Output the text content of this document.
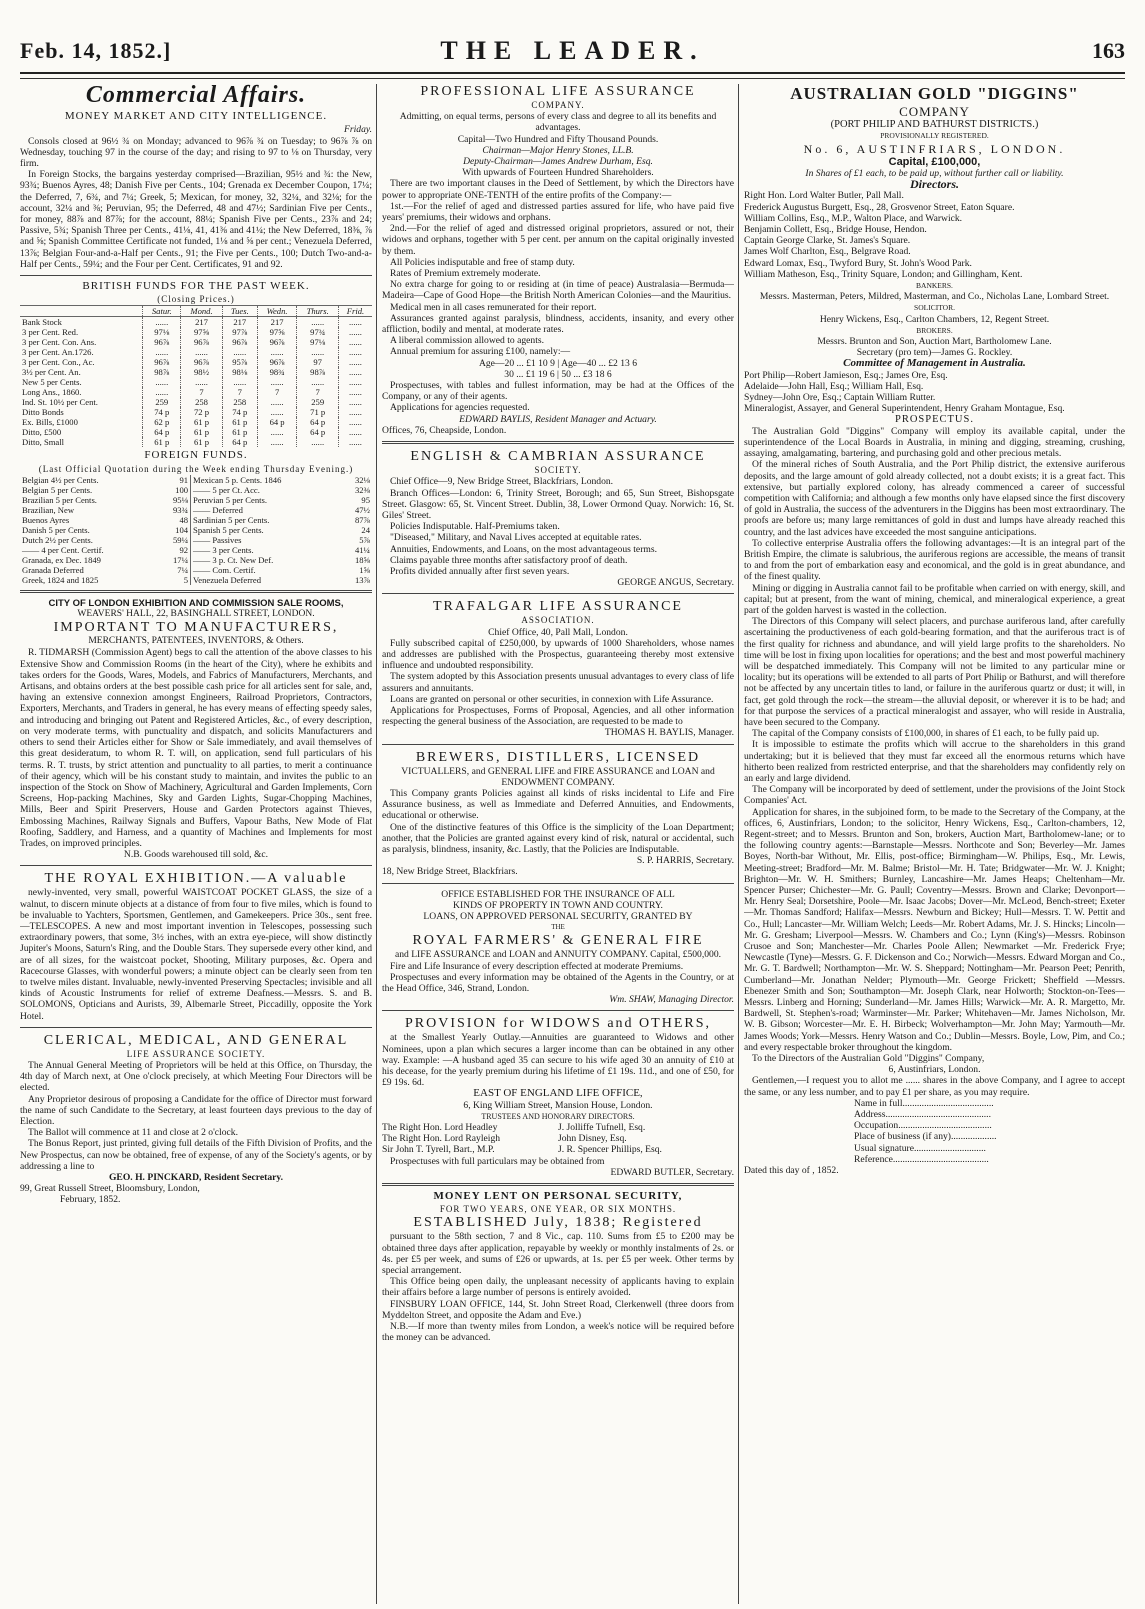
Feb. 14, 1852.]	THE LEADER.	163
Commercial Affairs.
MONEY MARKET AND CITY INTELLIGENCE.
Friday.

Consols closed at 96½ ¾ on Monday; advanced to 96⅞ ¾ on Tuesday; to 96⅞ ⅞ on Wednesday, touching 97 in the course of the day; and rising to 97 to ⅛ on Thursday, very firm.

In Foreign Stocks, the bargains yesterday comprised—Brazilian, 95½ and ¾: the New, 93¾; Buenos Ayres, 48; Danish Five per Cents., 104; Grenada ex December Coupon, 17¼; the Deferred, 7, 6¾, and 7¼; Greek, 5; Mexican, for money, 32, 32¼, and 32⅛; for the account, 32¼ and ⅜; Peruvian, 95; the Deferred, 48 and 47½; Sardinian Five per Cents., for money, 88⅞ and 87⅞; for the account, 88¼; Spanish Five per Cents., 23⅞ and 24; Passive, 5¾; Spanish Three per Cents., 41⅛, 41, 41⅜ and 41¼; the New Deferred, 18⅜, ⅞ and ⅝; Spanish Committee Certificate not funded, 1⅛ and ⅝ per cent.; Venezuela Deferred, 13⅞; Belgian Four-and-a-Half per Cents., 91; the Five per Cents., 100; Dutch Two-and-a-Half per Cents., 59¼; and the Four per Cent. Certificates, 91 and 92.

BRITISH FUNDS FOR THE PAST WEEK.
(Closing Prices.)
	Satur.	Mond.	Tues.	Wedn.	Thurs.	Frid.
Bank Stock	......	217	217	217	......	......
3 per Cent. Red.	97⅛	97⅝	97⅞	97⅝	97¾	......
3 per Cent. Con. Ans.	96⅞	96⅞	96⅞	96⅞	97⅛	......
3 per Cent. An.1726.	......	......	......	......	......	......
3 per Cent. Con., Ac.	96⅞	96⅞	95⅞	96⅞	97	......
3½ per Cent. An.	98⅞	98½	98⅛	98¾	98⅞	......
New 5 per Cents.	......	......	......	......	......	......
Long Ans., 1860.	......	7	7	7	7	......
Ind. St. 10½ per Cent.	259	258	258	......	259	......
Ditto Bonds	74 p	72 p	74 p	......	71 p	......
Ex. Bills, £1000	62 p	61 p	61 p	64 p	64 p	......
Ditto, £500	64 p	61 p	61 p	......	64 p	......
Ditto, Small	61 p	61 p	64 p	......	......	......
FOREIGN FUNDS.
(Last Official Quotation during the Week ending Thursday Evening.)
Belgian 4½ per Cents.	91	Mexican 5 p. Cents. 1846	32⅛
Belgian 5 per Cents.	100	—— 5 per Ct. Acc.	32⅜
Brazilian 5 per Cents.	95⅛	Peruvian 5 per Cents.	95
Brazilian, New	93¾	—— Deferred	47½
Buenos Ayres	48	Sardinian 5 per Cents.	87⅞
Danish 5 per Cents.	104	Spanish 5 per Cents.	24
Dutch 2½ per Cents.	59¼	—— Passives	5⅞
—— 4 per Cent. Certif.	92	—— 3 per Cents.	41¼
Granada, ex Dec. 1849	17¼	—— 3 p. Ct. New Def.	18⅝
Granada Deferred	7¼	—— Com. Certif.	1⅝
Greek, 1824 and 1825	5	Venezuela Deferred	13⅞
CITY OF LONDON EXHIBITION AND COMMISSION SALE ROOMS,
WEAVERS' HALL, 22, BASINGHALL STREET, LONDON.
IMPORTANT TO MANUFACTURERS,
MERCHANTS, PATENTEES, INVENTORS, & Others.

R. TIDMARSH (Commission Agent) begs to call the attention of the above classes to his Extensive Show and Commission Rooms (in the heart of the City), where he exhibits and takes orders for the Goods, Wares, Models, and Fabrics of Manufacturers, Merchants, and Artisans, and obtains orders at the best possible cash price for all articles sent for sale, and, having an extensive connexion amongst Engineers, Railroad Proprietors, Contractors, Exporters, Merchants, and Traders in general, he has every means of effecting speedy sales, and introducing and bringing out Patent and Registered Articles, &c., of every description, on very moderate terms, with punctuality and dispatch, and solicits Manufacturers and others to send their Articles either for Show or Sale immediately, and avail themselves of this great desideratum, to whom R. T. will, on application, send full particulars of his terms. R. T. trusts, by strict attention and punctuality to all parties, to merit a continuance of their agency, which will be his constant study to maintain, and invites the public to an inspection of the Stock on Show of Machinery, Agricultural and Garden Implements, Corn Screens, Hop-packing Machines, Sky and Garden Lights, Sugar-Chopping Machines, Mills, Beer and Spirit Preservers, House and Garden Protectors against Thieves, Embossing Machines, Railway Signals and Buffers, Vapour Baths, New Mode of Flat Roofing, Saddlery, and Harness, and a quantity of Machines and Implements for most Trades, on improved principles.

N.B. Goods warehoused till sold, &c.
THE ROYAL EXHIBITION.—A valuable

newly-invented, very small, powerful WAISTCOAT POCKET GLASS, the size of a walnut, to discern minute objects at a distance of from four to five miles, which is found to be invaluable to Yachters, Sportsmen, Gentlemen, and Gamekeepers. Price 30s., sent free.—TELESCOPES. A new and most important invention in Telescopes, possessing such extraordinary powers, that some, 3½ inches, with an extra eye-piece, will show distinctly Jupiter's Moons, Saturn's Ring, and the Double Stars. They supersede every other kind, and are of all sizes, for the waistcoat pocket, Shooting, Military purposes, &c. Opera and Racecourse Glasses, with wonderful powers; a minute object can be clearly seen from ten to twelve miles distant. Invaluable, newly-invented Preserving Spectacles; invisible and all kinds of Acoustic Instruments for relief of extreme Deafness.—Messrs. S. and B. SOLOMONS, Opticians and Aurists, 39, Albemarle Street, Piccadilly, opposite the York Hotel.

CLERICAL, MEDICAL, AND GENERAL
LIFE ASSURANCE SOCIETY.

The Annual General Meeting of Proprietors will be held at this Office, on Thursday, the 4th day of March next, at One o'clock precisely, at which Meeting Four Directors will be elected.

Any Proprietor desirous of proposing a Candidate for the office of Director must forward the name of such Candidate to the Secretary, at least fourteen days previous to the day of Election.

The Ballot will commence at 11 and close at 2 o'clock.

The Bonus Report, just printed, giving full details of the Fifth Division of Profits, and the New Prospectus, can now be obtained, free of expense, of any of the Society's agents, or by addressing a line to

GEO. H. PINCKARD, Resident Secretary.
99, Great Russell Street, Bloomsbury, London,
February, 1852.
PROFESSIONAL LIFE ASSURANCE
COMPANY.

Admitting, on equal terms, persons of every class and degree to all its benefits and advantages.

Capital—Two Hundred and Fifty Thousand Pounds.

Chairman—Major Henry Stones, LL.B.

Deputy-Chairman—James Andrew Durham, Esq.

With upwards of Fourteen Hundred Shareholders.

There are two important clauses in the Deed of Settlement, by which the Directors have power to appropriate ONE-TENTH of the entire profits of the Company:—

1st.—For the relief of aged and distressed parties assured for life, who have paid five years' premiums, their widows and orphans.

2nd.—For the relief of aged and distressed original proprietors, assured or not, their widows and orphans, together with 5 per cent. per annum on the capital originally invested by them.

All Policies indisputable and free of stamp duty.

Rates of Premium extremely moderate.

No extra charge for going to or residing at (in time of peace) Australasia—Bermuda—Madeira—Cape of Good Hope—the British North American Colonies—and the Mauritius.

Medical men in all cases remunerated for their report.

Assurances granted against paralysis, blindness, accidents, insanity, and every other affliction, bodily and mental, at moderate rates.

A liberal commission allowed to agents.

Annual premium for assuring £100, namely:—

Age—20 ... £1 10 9 | Age—40 ... £2 13 6

30 ... £1 19 6 | 50 ... £3 18 6

Prospectuses, with tables and fullest information, may be had at the Offices of the Company, or any of their agents.

Applications for agencies requested.

EDWARD BAYLIS, Resident Manager and Actuary.

Offices, 76, Cheapside, London.

ENGLISH & CAMBRIAN ASSURANCE
SOCIETY.

Chief Office—9, New Bridge Street, Blackfriars, London.

Branch Offices—London: 6, Trinity Street, Borough; and 65, Sun Street, Bishopsgate Street. Glasgow: 65, St. Vincent Street. Dublin, 38, Lower Ormond Quay. Norwich: 16, St. Giles' Street.

Policies Indisputable. Half-Premiums taken.

"Diseased," Military, and Naval Lives accepted at equitable rates.

Annuities, Endowments, and Loans, on the most advantageous terms.

Claims payable three months after satisfactory proof of death.

Profits divided annually after first seven years.

GEORGE ANGUS, Secretary.

TRAFALGAR LIFE ASSURANCE
ASSOCIATION.

Chief Office, 40, Pall Mall, London.

Fully subscribed capital of £250,000, by upwards of 1000 Shareholders, whose names and addresses are published with the Prospectus, guaranteeing thereby most extensive influence and undoubted responsibility.

The system adopted by this Association presents unusual advantages to every class of life assurers and annuitants.

Loans are granted on personal or other securities, in connexion with Life Assurance.

Applications for Prospectuses, Forms of Proposal, Agencies, and all other information respecting the general business of the Association, are requested to be made to

THOMAS H. BAYLIS, Manager.

BREWERS, DISTILLERS, LICENSED
VICTUALLERS, and GENERAL LIFE and FIRE ASSURANCE and LOAN and ENDOWMENT COMPANY.

This Company grants Policies against all kinds of risks incidental to Life and Fire Assurance business, as well as Immediate and Deferred Annuities, and Endowments, educational or otherwise.

One of the distinctive features of this Office is the simplicity of the Loan Department; another, that the Policies are granted against every kind of risk, natural or accidental, such as paralysis, blindness, insanity, &c. Lastly, that the Policies are Indisputable.

S. P. HARRIS, Secretary.

18, New Bridge Street, Blackfriars.

OFFICE ESTABLISHED FOR THE INSURANCE OF ALL
KINDS OF PROPERTY IN TOWN AND COUNTRY.
LOANS, ON APPROVED PERSONAL SECURITY, GRANTED BY
THE
ROYAL FARMERS' & GENERAL FIRE
and LIFE ASSURANCE and LOAN and ANNUITY COMPANY. Capital, £500,000.

Fire and Life Insurance of every description effected at moderate Premiums.

Prospectuses and every information may be obtained of the Agents in the Country, or at the Head Office, 346, Strand, London.

Wm. SHAW, Managing Director.

PROVISION for WIDOWS and OTHERS,

at the Smallest Yearly Outlay.—Annuities are guaranteed to Widows and other Nominees, upon a plan which secures a larger income than can be obtained in any other way. Example: —A husband aged 35 can secure to his wife aged 30 an annuity of £10 at his decease, for the yearly premium during his lifetime of £1 19s. 11d., and one of £50, for £9 19s. 6d.

EAST OF ENGLAND LIFE OFFICE,
6, King William Street, Mansion House, London.
TRUSTEES AND HONORARY DIRECTORS.
The Right Hon. Lord Headley	J. Jolliffe Tufnell, Esq.
The Right Hon. Lord Rayleigh	John Disney, Esq.
Sir John T. Tyrell, Bart., M.P.	J. R. Spencer Phillips, Esq.

Prospectuses with full particulars may be obtained from

EDWARD BUTLER, Secretary.

MONEY LENT ON PERSONAL SECURITY,
FOR TWO YEARS, ONE YEAR, OR SIX MONTHS.
ESTABLISHED July, 1838; Registered

pursuant to the 58th section, 7 and 8 Vic., cap. 110. Sums from £5 to £200 may be obtained three days after application, repayable by weekly or monthly instalments of 2s. or 4s. per £5 per week, and sums of £26 or upwards, at 1s. per £5 per week. Other terms by special arrangement.

This Office being open daily, the unpleasant necessity of applicants having to explain their affairs before a large number of persons is entirely avoided.

FINSBURY LOAN OFFICE, 144, St. John Street Road, Clerkenwell (three doors from Myddelton Street, and opposite the Adam and Eve.)

N.B.—If more than twenty miles from London, a week's notice will be required before the money can be advanced.

AUSTRALIAN GOLD "DIGGINS"
COMPANY
(PORT PHILIP AND BATHURST DISTRICTS.)
PROVISIONALLY REGISTERED.
No. 6, AUSTINFRIARS, LONDON.
Capital, £100,000,
In Shares of £1 each, to be paid up, without further call or liability.
Directors.

Right Hon. Lord Walter Butler, Pall Mall.

Frederick Augustus Burgett, Esq., 28, Grosvenor Street, Eaton Square.

William Collins, Esq., M.P., Walton Place, and Warwick.

Benjamin Collett, Esq., Bridge House, Hendon.

Captain George Clarke, St. James's Square.

James Wolf Charlton, Esq., Belgrave Road.

Edward Lomax, Esq., Twyford Bury, St. John's Wood Park.

William Matheson, Esq., Trinity Square, London; and Gillingham, Kent.

BANKERS.
Messrs. Masterman, Peters, Mildred, Masterman, and Co., Nicholas Lane, Lombard Street.
SOLICITOR.
Henry Wickens, Esq., Carlton Chambers, 12, Regent Street.
BROKERS.
Messrs. Brunton and Son, Auction Mart, Bartholomew Lane.
Secretary (pro tem)—James G. Rockley.
Committee of Management in Australia.

Port Philip—Robert Jamieson, Esq.; James Ore, Esq.

Adelaide—John Hall, Esq.; William Hall, Esq.

Sydney—John Ore, Esq.; Captain William Rutter.

Mineralogist, Assayer, and General Superintendent, Henry Graham Montague, Esq.

PROSPECTUS.

The Australian Gold "Diggins" Company will employ its available capital, under the superintendence of the Local Boards in Australia, in mining and digging, streaming, crushing, assaying, amalgamating, bartering, and purchasing gold and other precious metals.

Of the mineral riches of South Australia, and the Port Philip district, the extensive auriferous deposits, and the large amount of gold already collected, not a doubt exists; it is a great fact. This extensive, but partially explored colony, has already commenced a career of successful competition with California; and although a few months only have elapsed since the first discovery of gold in Australia, the success of the adventurers in the Diggins has been most extraordinary. The proofs are before us; many large remittances of gold in dust and lumps have already reached this country, and the last advices have exceeded the most sanguine anticipations.

To collective enterprise Australia offers the following advantages:—It is an integral part of the British Empire, the climate is salubrious, the auriferous regions are accessible, the means of transit to and from the port of embarkation easy and economical, and the gold is in great abundance, and of the finest quality.

Mining or digging in Australia cannot fail to be profitable when carried on with energy, skill, and capital; but at present, from the want of mining, chemical, and mineralogical experience, a great part of the golden harvest is wasted in the collection.

The Directors of this Company will select placers, and purchase auriferous land, after carefully ascertaining the productiveness of each gold-bearing formation, and that the auriferous tract is of the first quality for richness and abundance, and will yield large profits to the shareholders. No time will be lost in fixing upon localities for operations; and the best and most powerful machinery will be despatched immediately. This Company will not be limited to any particular mine or locality; but its operations will be extended to all parts of Port Philip or Bathurst, and will therefore not be affected by any uncertain titles to land, or failure in the auriferous quartz or dust; it will, in fact, get gold through the rock—the stream—the alluvial deposit, or wherever it is to be had; and for that purpose the services of a practical mineralogist and assayer, who will reside in Australia, have been secured to the Company.

The capital of the Company consists of £100,000, in shares of £1 each, to be fully paid up.

It is impossible to estimate the profits which will accrue to the shareholders in this grand undertaking; but it is believed that they must far exceed all the enormous returns which have hitherto been realized from restricted enterprise, and that the shareholders may confidently rely on an early and large dividend.

The Company will be incorporated by deed of settlement, under the provisions of the Joint Stock Companies' Act.

Application for shares, in the subjoined form, to be made to the Secretary of the Company, at the offices, 6, Austinfriars, London; to the solicitor, Henry Wickens, Esq., Carlton-chambers, 12, Regent-street; and to Messrs. Brunton and Son, brokers, Auction Mart, Bartholomew-lane; or to the following country agents:—Barnstaple—Messrs. Northcote and Son; Beverley—Mr. James Boyes, North-bar Without, Mr. Ellis, post-office; Birmingham—W. Philips, Esq., Mr. Lewis, Meeting-street; Bradford—Mr. M. Balme; Bristol—Mr. H. Tate; Bridgwater—Mr. W. J. Knight; Brighton—Mr. W. H. Smithers; Burnley, Lancashire—Mr. James Heaps; Cheltenham—Mr. Spencer Purser; Chichester—Mr. G. Paull; Coventry—Messrs. Brown and Clarke; Devonport—Mr. Henry Seal; Dorsetshire, Poole—Mr. Isaac Jacobs; Dover—Mr. McLeod, Bench-street; Exeter—Mr. Thomas Sandford; Halifax—Messrs. Newburn and Bickey; Hull—Messrs. T. W. Pettit and Co., Hull; Lancaster—Mr. William Welch; Leeds—Mr. Robert Adams, Mr. J. S. Hincks; Lincoln—Mr. G. Gresham; Liverpool—Messrs. W. Chambers and Co.; Lynn (King's)—Messrs. Robinson Crusoe and Son; Manchester—Mr. Charles Poole Allen; Newmarket —Mr. Frederick Frye; Newcastle (Tyne)—Messrs. G. F. Dickenson and Co.; Norwich—Messrs. Edward Morgan and Co., Mr. G. T. Bardwell; Northampton—Mr. W. S. Sheppard; Nottingham—Mr. Pearson Peet; Penrith, Cumberland—Mr. Jonathan Nelder; Plymouth—Mr. George Frickett; Sheffield —Messrs. Ebenezer Smith and Son; Southampton—Mr. Joseph Clark, near Holworth; Stockton-on-Tees—Messrs. Linberg and Horning; Sunderland—Mr. James Hills; Warwick—Mr. A. R. Margetto, Mr. Bardwell, St. Stephen's-road; Warminster—Mr. Parker; Whitehaven—Mr. James Nicholson, Mr. W. B. Gibson; Worcester—Mr. E. H. Birbeck; Wolverhampton—Mr. John May; Yarmouth—Mr. James Woods; York—Messrs. Henry Watson and Co.; Dublin—Messrs. Boyle, Low, Pim, and Co.; and every respectable broker throughout the kingdom.

To the Directors of the Australian Gold "Diggins" Company,

6, Austinfriars, London.

Gentlemen,—I request you to allot me ...... shares in the above Company, and I agree to accept the same, or any less number, and to pay £1 per share, as you may require.

Name in full......................................

Address............................................

Occupation.......................................

Place of business (if any)...................

Usual signature..............................

Reference........................................

Dated this day of , 1852.
